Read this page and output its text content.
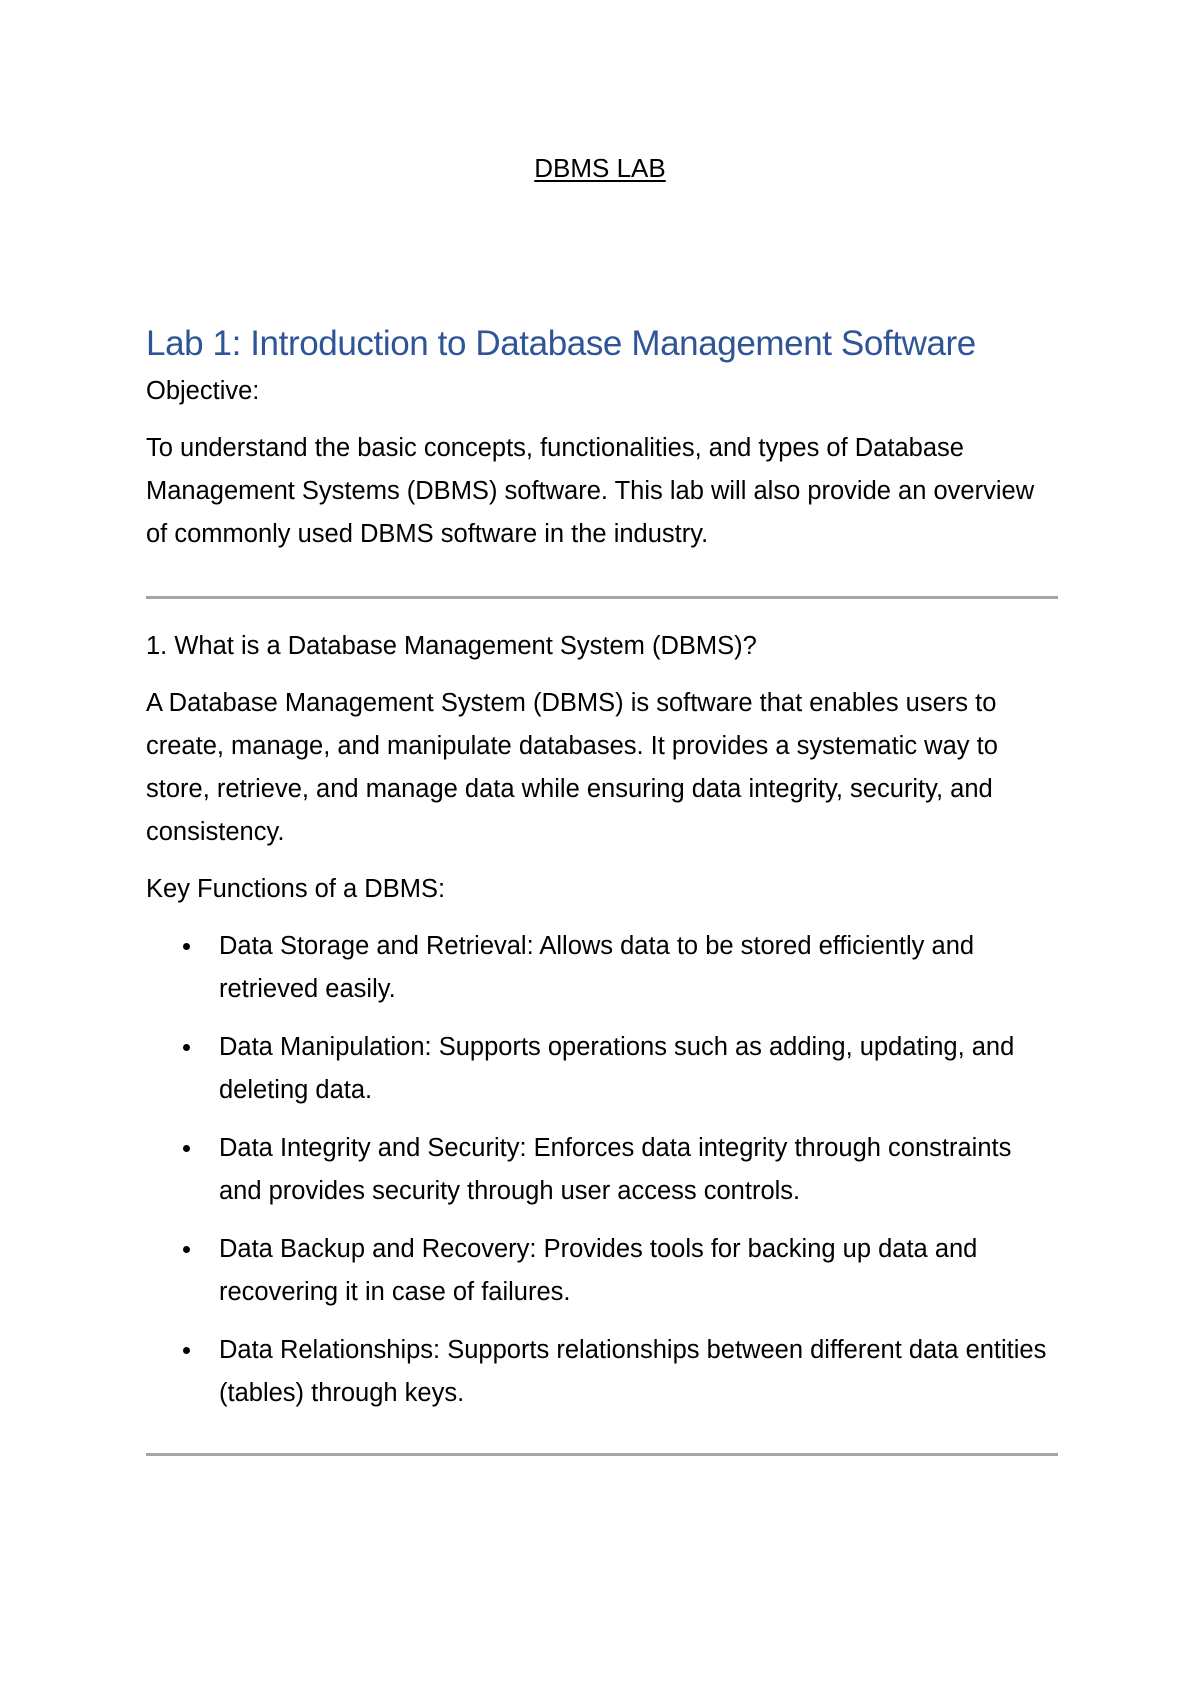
DBMS LAB
Lab 1: Introduction to Database Management Software

Objective:

To understand the basic concepts, functionalities, and types of Database Management Systems (DBMS) software. This lab will also provide an overview of commonly used DBMS software in the industry.

1. What is a Database Management System (DBMS)?

A Database Management System (DBMS) is software that enables users to create, manage, and manipulate databases. It provides a systematic way to store, retrieve, and manage data while ensuring data integrity, security, and consistency.

Key Functions of a DBMS:

Data Storage and Retrieval: Allows data to be stored efficiently and retrieved easily.
Data Manipulation: Supports operations such as adding, updating, and deleting data.
Data Integrity and Security: Enforces data integrity through constraints and provides security through user access controls.
Data Backup and Recovery: Provides tools for backing up data and recovering it in case of failures.
Data Relationships: Supports relationships between different data entities (tables) through keys.
